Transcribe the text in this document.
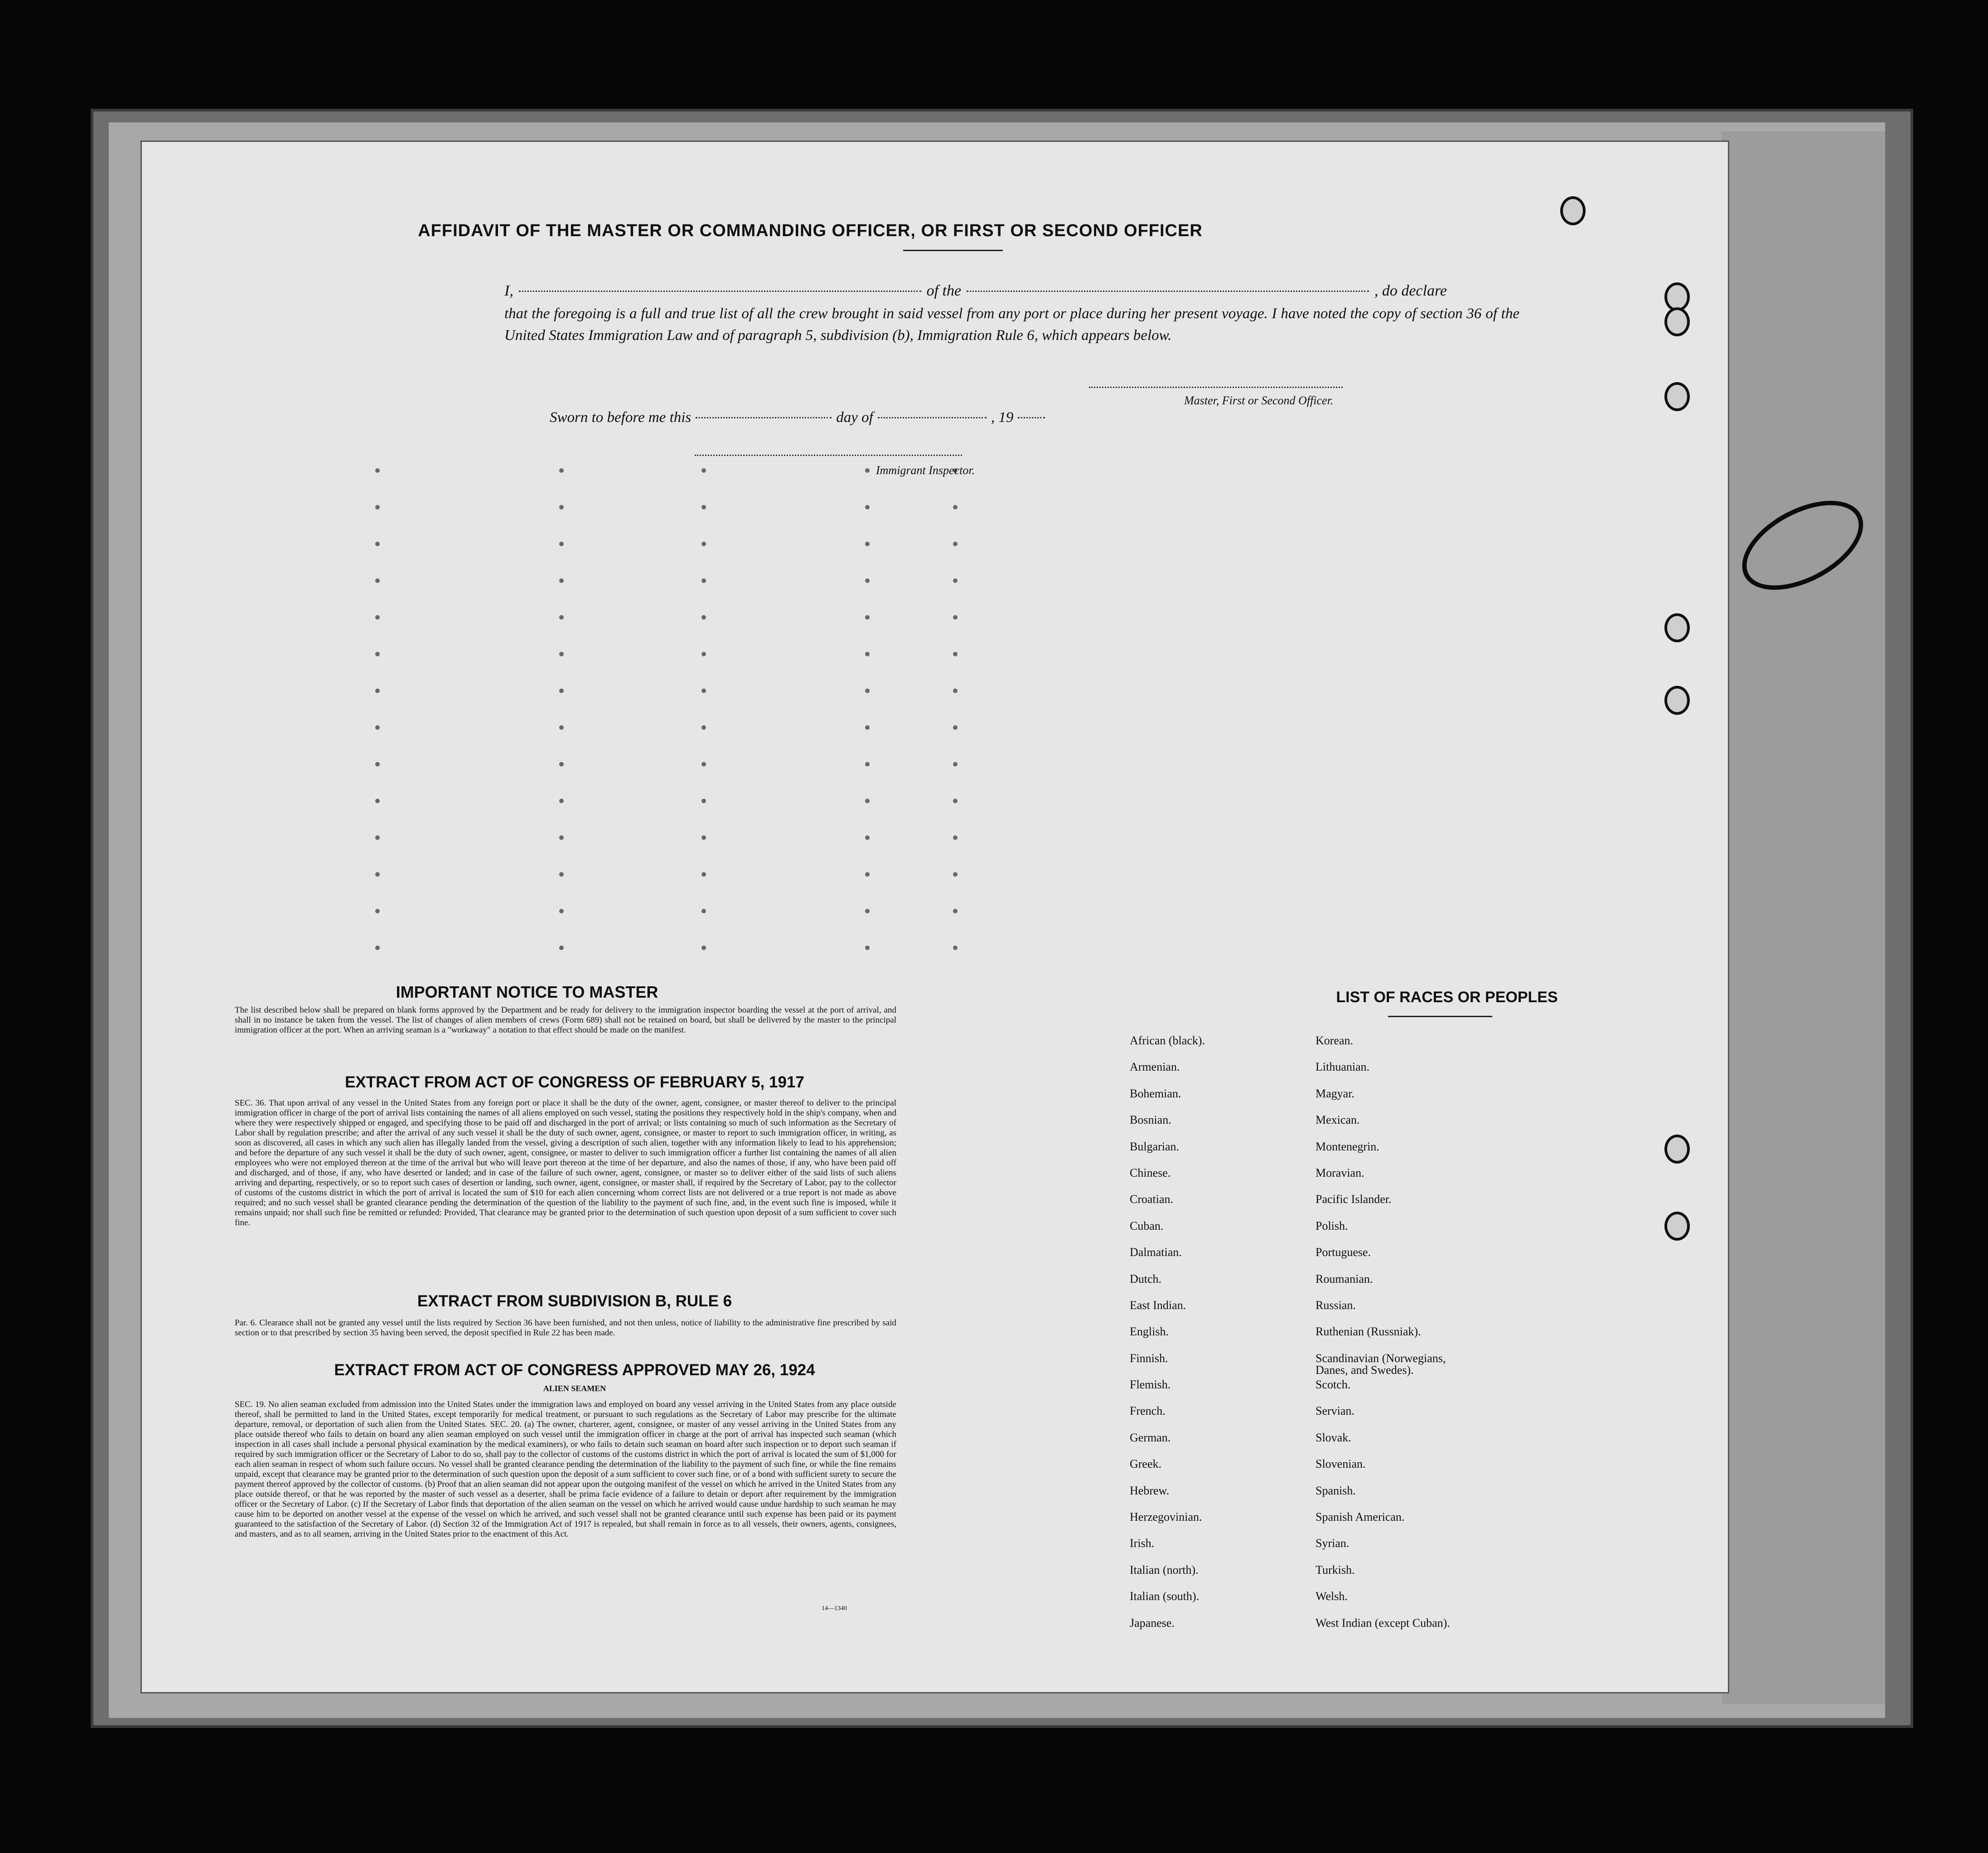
AFFIDAVIT OF THE MASTER OR COMMANDING OFFICER, OR FIRST OR SECOND OFFICER
I,	of the	, do declare
that the foregoing is a full and true list of all the crew brought in said vessel from any port or place during her present voyage. I have noted the copy of section 36 of the United States Immigration Law and of paragraph 5, subdivision (b), Immigration Rule 6, which appears below.
Master, First or Second Officer.
Sworn to before me this	day of	, 19
Immigrant Inspector.
IMPORTANT NOTICE TO MASTER
The list described below shall be prepared on blank forms approved by the Department and be ready for delivery to the immigration inspector boarding the vessel at the port of arrival, and shall in no instance be taken from the vessel. The list of changes of alien members of crews (Form 689) shall not be retained on board, but shall be delivered by the master to the principal immigration officer at the port. When an arriving seaman is a "workaway" a notation to that effect should be made on the manifest.
EXTRACT FROM ACT OF CONGRESS OF FEBRUARY 5, 1917
SEC. 36. That upon arrival of any vessel in the United States from any foreign port or place it shall be the duty of the owner, agent, consignee, or master thereof to deliver to the principal immigration officer in charge of the port of arrival lists containing the names of all aliens employed on such vessel, stating the positions they respectively hold in the ship's company, when and where they were respectively shipped or engaged, and specifying those to be paid off and discharged in the port of arrival; or lists containing so much of such information as the Secretary of Labor shall by regulation prescribe; and after the arrival of any such vessel it shall be the duty of such owner, agent, consignee, or master to report to such immigration officer, in writing, as soon as discovered, all cases in which any such alien has illegally landed from the vessel, giving a description of such alien, together with any information likely to lead to his apprehension; and before the departure of any such vessel it shall be the duty of such owner, agent, consignee, or master to deliver to such immigration officer a further list containing the names of all alien employees who were not employed thereon at the time of the arrival but who will leave port thereon at the time of her departure, and also the names of those, if any, who have been paid off and discharged, and of those, if any, who have deserted or landed; and in case of the failure of such owner, agent, consignee, or master so to deliver either of the said lists of such aliens arriving and departing, respectively, or so to report such cases of desertion or landing, such owner, agent, consignee, or master shall, if required by the Secretary of Labor, pay to the collector of customs of the customs district in which the port of arrival is located the sum of $10 for each alien concerning whom correct lists are not delivered or a true report is not made as above required; and no such vessel shall be granted clearance pending the determination of the question of the liability to the payment of such fine, and, in the event such fine is imposed, while it remains unpaid; nor shall such fine be remitted or refunded: Provided, That clearance may be granted prior to the determination of such question upon deposit of a sum sufficient to cover such fine.
EXTRACT FROM SUBDIVISION B, RULE 6
Par. 6. Clearance shall not be granted any vessel until the lists required by Section 36 have been furnished, and not then unless, notice of liability to the administrative fine prescribed by said section or to that prescribed by section 35 having been served, the deposit specified in Rule 22 has been made.
EXTRACT FROM ACT OF CONGRESS APPROVED MAY 26, 1924
ALIEN SEAMEN
SEC. 19. No alien seaman excluded from admission into the United States under the immigration laws and employed on board any vessel arriving in the United States from any place outside thereof, shall be permitted to land in the United States, except temporarily for medical treatment, or pursuant to such regulations as the Secretary of Labor may prescribe for the ultimate departure, removal, or deportation of such alien from the United States. SEC. 20. (a) The owner, charterer, agent, consignee, or master of any vessel arriving in the United States from any place outside thereof who fails to detain on board any alien seaman employed on such vessel until the immigration officer in charge at the port of arrival has inspected such seaman (which inspection in all cases shall include a personal physical examination by the medical examiners), or who fails to detain such seaman on board after such inspection or to deport such seaman if required by such immigration officer or the Secretary of Labor to do so, shall pay to the collector of customs of the customs district in which the port of arrival is located the sum of $1,000 for each alien seaman in respect of whom such failure occurs. No vessel shall be granted clearance pending the determination of the liability to the payment of such fine, or while the fine remains unpaid, except that clearance may be granted prior to the determination of such question upon the deposit of a sum sufficient to cover such fine, or of a bond with sufficient surety to secure the payment thereof approved by the collector of customs. (b) Proof that an alien seaman did not appear upon the outgoing manifest of the vessel on which he arrived in the United States from any place outside thereof, or that he was reported by the master of such vessel as a deserter, shall be prima facie evidence of a failure to detain or deport after requirement by the immigration officer or the Secretary of Labor. (c) If the Secretary of Labor finds that deportation of the alien seaman on the vessel on which he arrived would cause undue hardship to such seaman he may cause him to be deported on another vessel at the expense of the vessel on which he arrived, and such vessel shall not be granted clearance until such expense has been paid or its payment guaranteed to the satisfaction of the Secretary of Labor. (d) Section 32 of the Immigration Act of 1917 is repealed, but shall remain in force as to all vessels, their owners, agents, consignees, and masters, and as to all seamen, arriving in the United States prior to the enactment of this Act.
14—1340
LIST OF RACES OR PEOPLES
African (black).
Armenian.
Bohemian.
Bosnian.
Bulgarian.
Chinese.
Croatian.
Cuban.
Dalmatian.
Dutch.
East Indian.
English.
Finnish.
Flemish.
French.
German.
Greek.
Hebrew.
Herzegovinian.
Irish.
Italian (north).
Italian (south).
Japanese.
Korean.
Lithuanian.
Magyar.
Mexican.
Montenegrin.
Moravian.
Pacific Islander.
Polish.
Portuguese.
Roumanian.
Russian.
Ruthenian (Russniak).
Scandinavian (Norwegians, Danes, and Swedes).
Scotch.
Servian.
Slovak.
Slovenian.
Spanish.
Spanish American.
Syrian.
Turkish.
Welsh.
West Indian (except Cuban).
